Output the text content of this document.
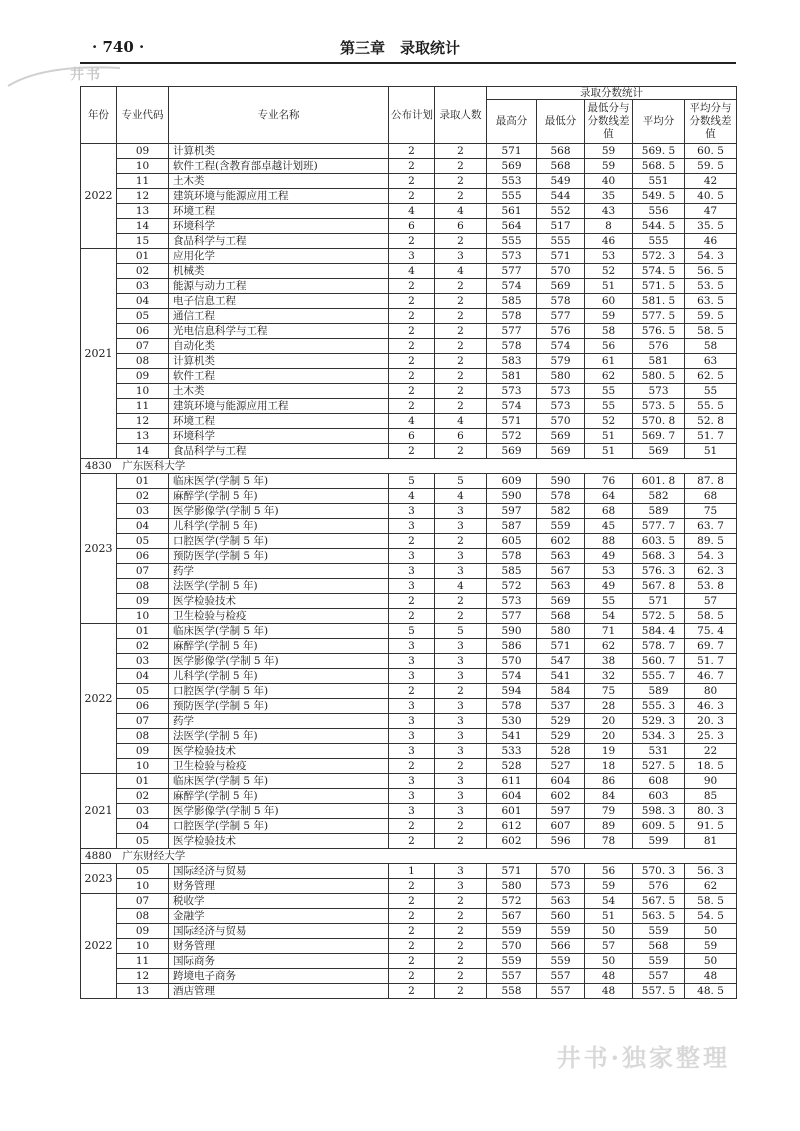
· 740 ·	第三章　录取统计
井书
年份	专业代码	专业名称	公布计划	录取人数	录取分数统计				
					最高分	最低分	最低分与分数线差值	平均分	平均分与分数线差值
2022	09	计算机类	2	2	571	568	59	569. 5	60. 5
	10	软件工程(含教育部卓越计划班)	2	2	569	568	59	568. 5	59. 5
	11	土木类	2	2	553	549	40	551	42
	12	建筑环境与能源应用工程	2	2	555	544	35	549. 5	40. 5
	13	环境工程	4	4	561	552	43	556	47
	14	环境科学	6	6	564	517	8	544. 5	35. 5
	15	食品科学与工程	2	2	555	555	46	555	46
2021	01	应用化学	3	3	573	571	53	572. 3	54. 3
	02	机械类	4	4	577	570	52	574. 5	56. 5
	03	能源与动力工程	2	2	574	569	51	571. 5	53. 5
	04	电子信息工程	2	2	585	578	60	581. 5	63. 5
	05	通信工程	2	2	578	577	59	577. 5	59. 5
	06	光电信息科学与工程	2	2	577	576	58	576. 5	58. 5
	07	自动化类	2	2	578	574	56	576	58
	08	计算机类	2	2	583	579	61	581	63
	09	软件工程	2	2	581	580	62	580. 5	62. 5
	10	土木类	2	2	573	573	55	573	55
	11	建筑环境与能源应用工程	2	2	574	573	55	573. 5	55. 5
	12	环境工程	4	4	571	570	52	570. 8	52. 8
	13	环境科学	6	6	572	569	51	569. 7	51. 7
	14	食品科学与工程	2	2	569	569	51	569	51
4830　广东医科大学									
2023	01	临床医学(学制 5 年)	5	5	609	590	76	601. 8	87. 8
	02	麻醉学(学制 5 年)	4	4	590	578	64	582	68
	03	医学影像学(学制 5 年)	3	3	597	582	68	589	75
	04	儿科学(学制 5 年)	3	3	587	559	45	577. 7	63. 7
	05	口腔医学(学制 5 年)	2	2	605	602	88	603. 5	89. 5
	06	预防医学(学制 5 年)	3	3	578	563	49	568. 3	54. 3
	07	药学	3	3	585	567	53	576. 3	62. 3
	08	法医学(学制 5 年)	3	4	572	563	49	567. 8	53. 8
	09	医学检验技术	2	2	573	569	55	571	57
	10	卫生检验与检疫	2	2	577	568	54	572. 5	58. 5
2022	01	临床医学(学制 5 年)	5	5	590	580	71	584. 4	75. 4
	02	麻醉学(学制 5 年)	3	3	586	571	62	578. 7	69. 7
	03	医学影像学(学制 5 年)	3	3	570	547	38	560. 7	51. 7
	04	儿科学(学制 5 年)	3	3	574	541	32	555. 7	46. 7
	05	口腔医学(学制 5 年)	2	2	594	584	75	589	80
	06	预防医学(学制 5 年)	3	3	578	537	28	555. 3	46. 3
	07	药学	3	3	530	529	20	529. 3	20. 3
	08	法医学(学制 5 年)	3	3	541	529	20	534. 3	25. 3
	09	医学检验技术	3	3	533	528	19	531	22
	10	卫生检验与检疫	2	2	528	527	18	527. 5	18. 5
2021	01	临床医学(学制 5 年)	3	3	611	604	86	608	90
	02	麻醉学(学制 5 年)	3	3	604	602	84	603	85
	03	医学影像学(学制 5 年)	3	3	601	597	79	598. 3	80. 3
	04	口腔医学(学制 5 年)	2	2	612	607	89	609. 5	91. 5
	05	医学检验技术	2	2	602	596	78	599	81
4880　广东财经大学									
2023	05	国际经济与贸易	1	3	571	570	56	570. 3	56. 3
	10	财务管理	2	3	580	573	59	576	62
2022	07	税收学	2	2	572	563	54	567. 5	58. 5
	08	金融学	2	2	567	560	51	563. 5	54. 5
	09	国际经济与贸易	2	2	559	559	50	559	50
	10	财务管理	2	2	570	566	57	568	59
	11	国际商务	2	2	559	559	50	559	50
	12	跨境电子商务	2	2	557	557	48	557	48
	13	酒店管理	2	2	558	557	48	557. 5	48. 5
井书·独家整理
